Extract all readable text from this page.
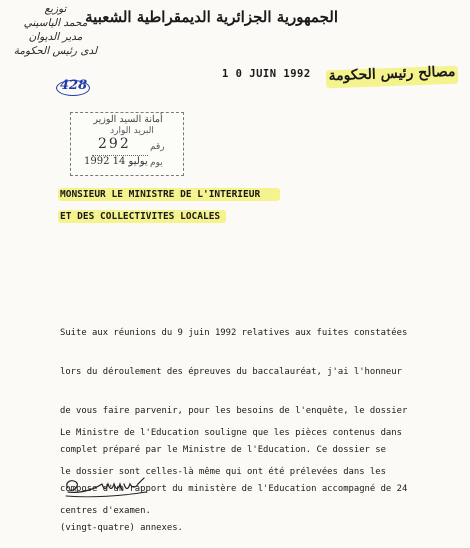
توزيع
محمد الياسيني
مدير الديوان
لدى رئيس الحكومة
الجمهورية الجزائرية الديمقراطية الشعبية
1 0 JUIN 1992	مصالح رئيس الحكومة
428
أمانة السيد الوزير
البريد الوارد
رقم
292
يوم
1992 يوليو 14
MONSIEUR LE MINISTRE DE L'INTERIEUR
ET DES COLLECTIVITES LOCALES

Suite aux réunions du 9 juin 1992 relatives aux fuites constatées

lors du déroulement des épreuves du baccalauréat, j'ai l'honneur

de vous faire parvenir, pour les besoins de l'enquête, le dossier

complet préparé par le Ministre de l'Education. Ce dossier se

compose d'un rapport du ministère de l'Education accompagné de 24

(vingt-quatre) annexes.

Le Ministre de l'Education souligne que les pièces contenus dans

le dossier sont celles-là même qui ont été prélevées dans les

centres d'examen.
